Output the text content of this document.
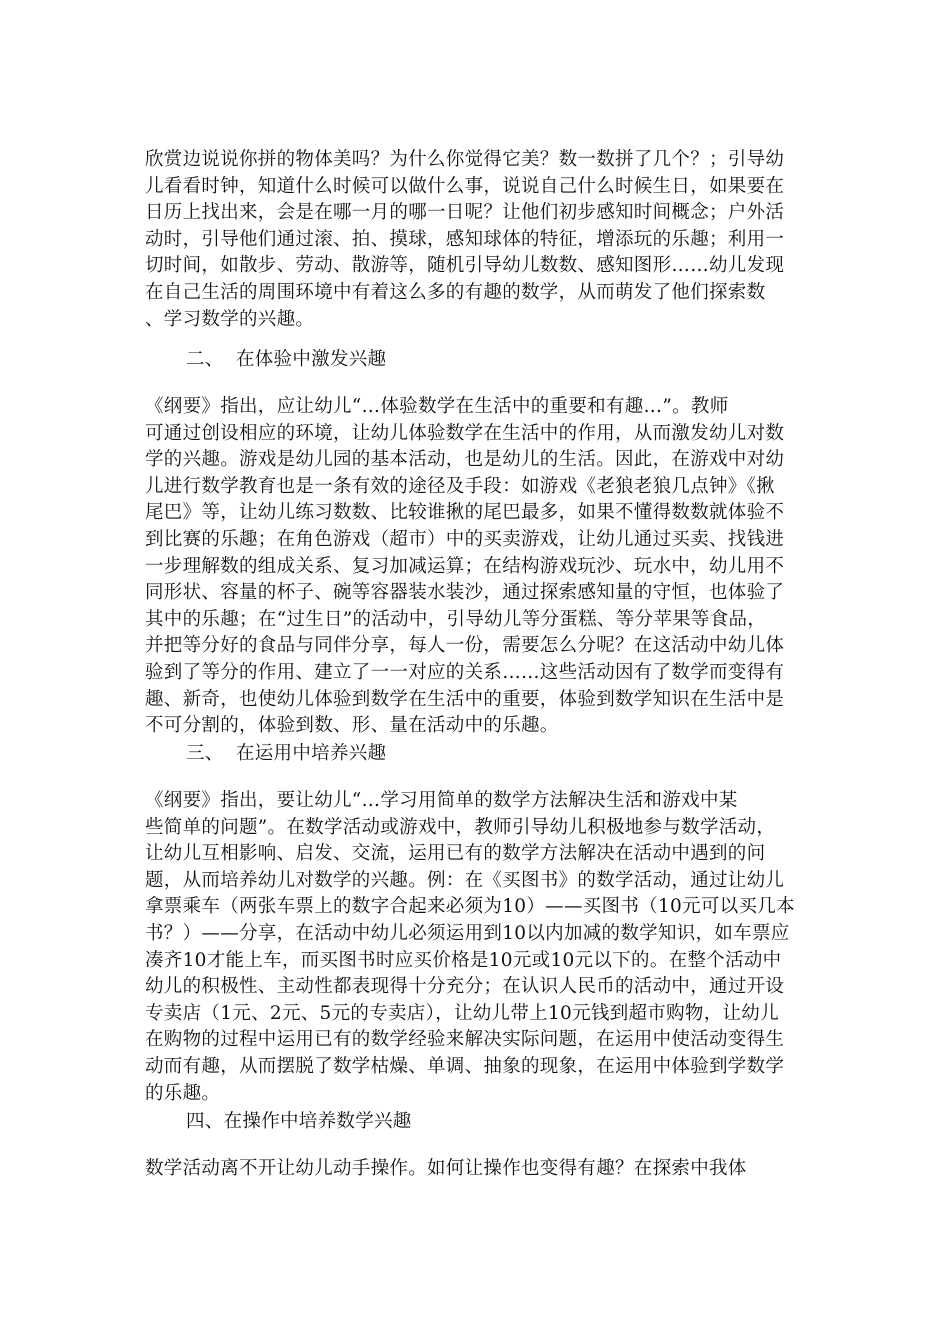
欣赏边说说你拼的物体美吗？为什么你觉得它美？数一数拼了几个？；引导幼
儿看看时钟，知道什么时候可以做什么事，说说自己什么时候生日，如果要在
日历上找出来，会是在哪一月的哪一日呢？让他们初步感知时间概念；户外活
动时，引导他们通过滚、拍、摸球，感知球体的特征，增添玩的乐趣；利用一
切时间，如散步、劳动、散游等，随机引导幼儿数数、感知图形……幼儿发现
在自己生活的周围环境中有着这么多的有趣的数学，从而萌发了他们探索数
、学习数学的兴趣。
二、  在体验中激发兴趣
《纲要》指出，应让幼儿“…体验数学在生活中的重要和有趣…”。教师
可通过创设相应的环境，让幼儿体验数学在生活中的作用，从而激发幼儿对数
学的兴趣。游戏是幼儿园的基本活动，也是幼儿的生活。因此，在游戏中对幼
儿进行数学教育也是一条有效的途径及手段：如游戏《老狼老狼几点钟》《揪
尾巴》等，让幼儿练习数数、比较谁揪的尾巴最多，如果不懂得数数就体验不
到比赛的乐趣；在角色游戏（超市）中的买卖游戏，让幼儿通过买卖、找钱进
一步理解数的组成关系、复习加减运算；在结构游戏玩沙、玩水中，幼儿用不
同形状、容量的杯子、碗等容器装水装沙，通过探索感知量的守恒，也体验了
其中的乐趣；在“过生日”的活动中，引导幼儿等分蛋糕、等分苹果等食品，
并把等分好的食品与同伴分享，每人一份，需要怎么分呢？在这活动中幼儿体
验到了等分的作用、建立了一一对应的关系……这些活动因有了数学而变得有
趣、新奇，也使幼儿体验到数学在生活中的重要，体验到数学知识在生活中是
不可分割的，体验到数、形、量在活动中的乐趣。
三、  在运用中培养兴趣
《纲要》指出，要让幼儿“…学习用简单的数学方法解决生活和游戏中某
些简单的问题”。在数学活动或游戏中，教师引导幼儿积极地参与数学活动，
让幼儿互相影响、启发、交流，运用已有的数学方法解决在活动中遇到的问
题，从而培养幼儿对数学的兴趣。例：在《买图书》的数学活动，通过让幼儿
拿票乘车（两张车票上的数字合起来必须为10）——买图书（10元可以买几本
书？）——分享，在活动中幼儿必须运用到10以内加减的数学知识，如车票应
凑齐10才能上车，而买图书时应买价格是10元或10元以下的。在整个活动中
幼儿的积极性、主动性都表现得十分充分；在认识人民币的活动中，通过开设
专卖店（1元、2元、5元的专卖店），让幼儿带上10元钱到超市购物，让幼儿
在购物的过程中运用已有的数学经验来解决实际问题，在运用中使活动变得生
动而有趣，从而摆脱了数学枯燥、单调、抽象的现象，在运用中体验到学数学
的乐趣。
四、在操作中培养数学兴趣
数学活动离不开让幼儿动手操作。如何让操作也变得有趣？在探索中我体
